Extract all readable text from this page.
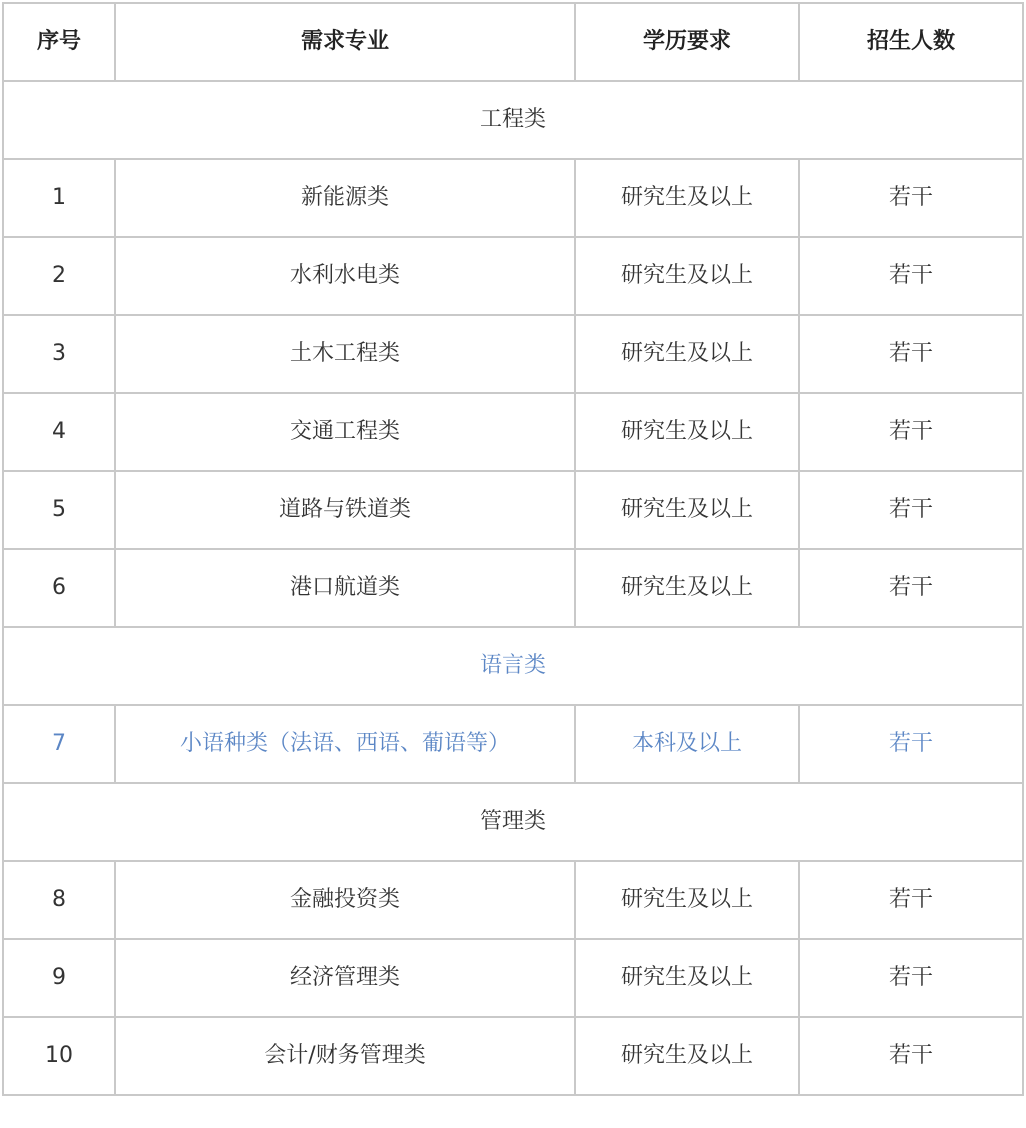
序号	需求专业	学历要求	招生人数
工程类			
1	新能源类	研究生及以上	若干
2	水利水电类	研究生及以上	若干
3	土木工程类	研究生及以上	若干
4	交通工程类	研究生及以上	若干
5	道路与铁道类	研究生及以上	若干
6	港口航道类	研究生及以上	若干
语言类			
7	小语种类（法语、西语、葡语等）	本科及以上	若干
管理类			
8	金融投资类	研究生及以上	若干
9	经济管理类	研究生及以上	若干
10	会计/财务管理类	研究生及以上	若干
